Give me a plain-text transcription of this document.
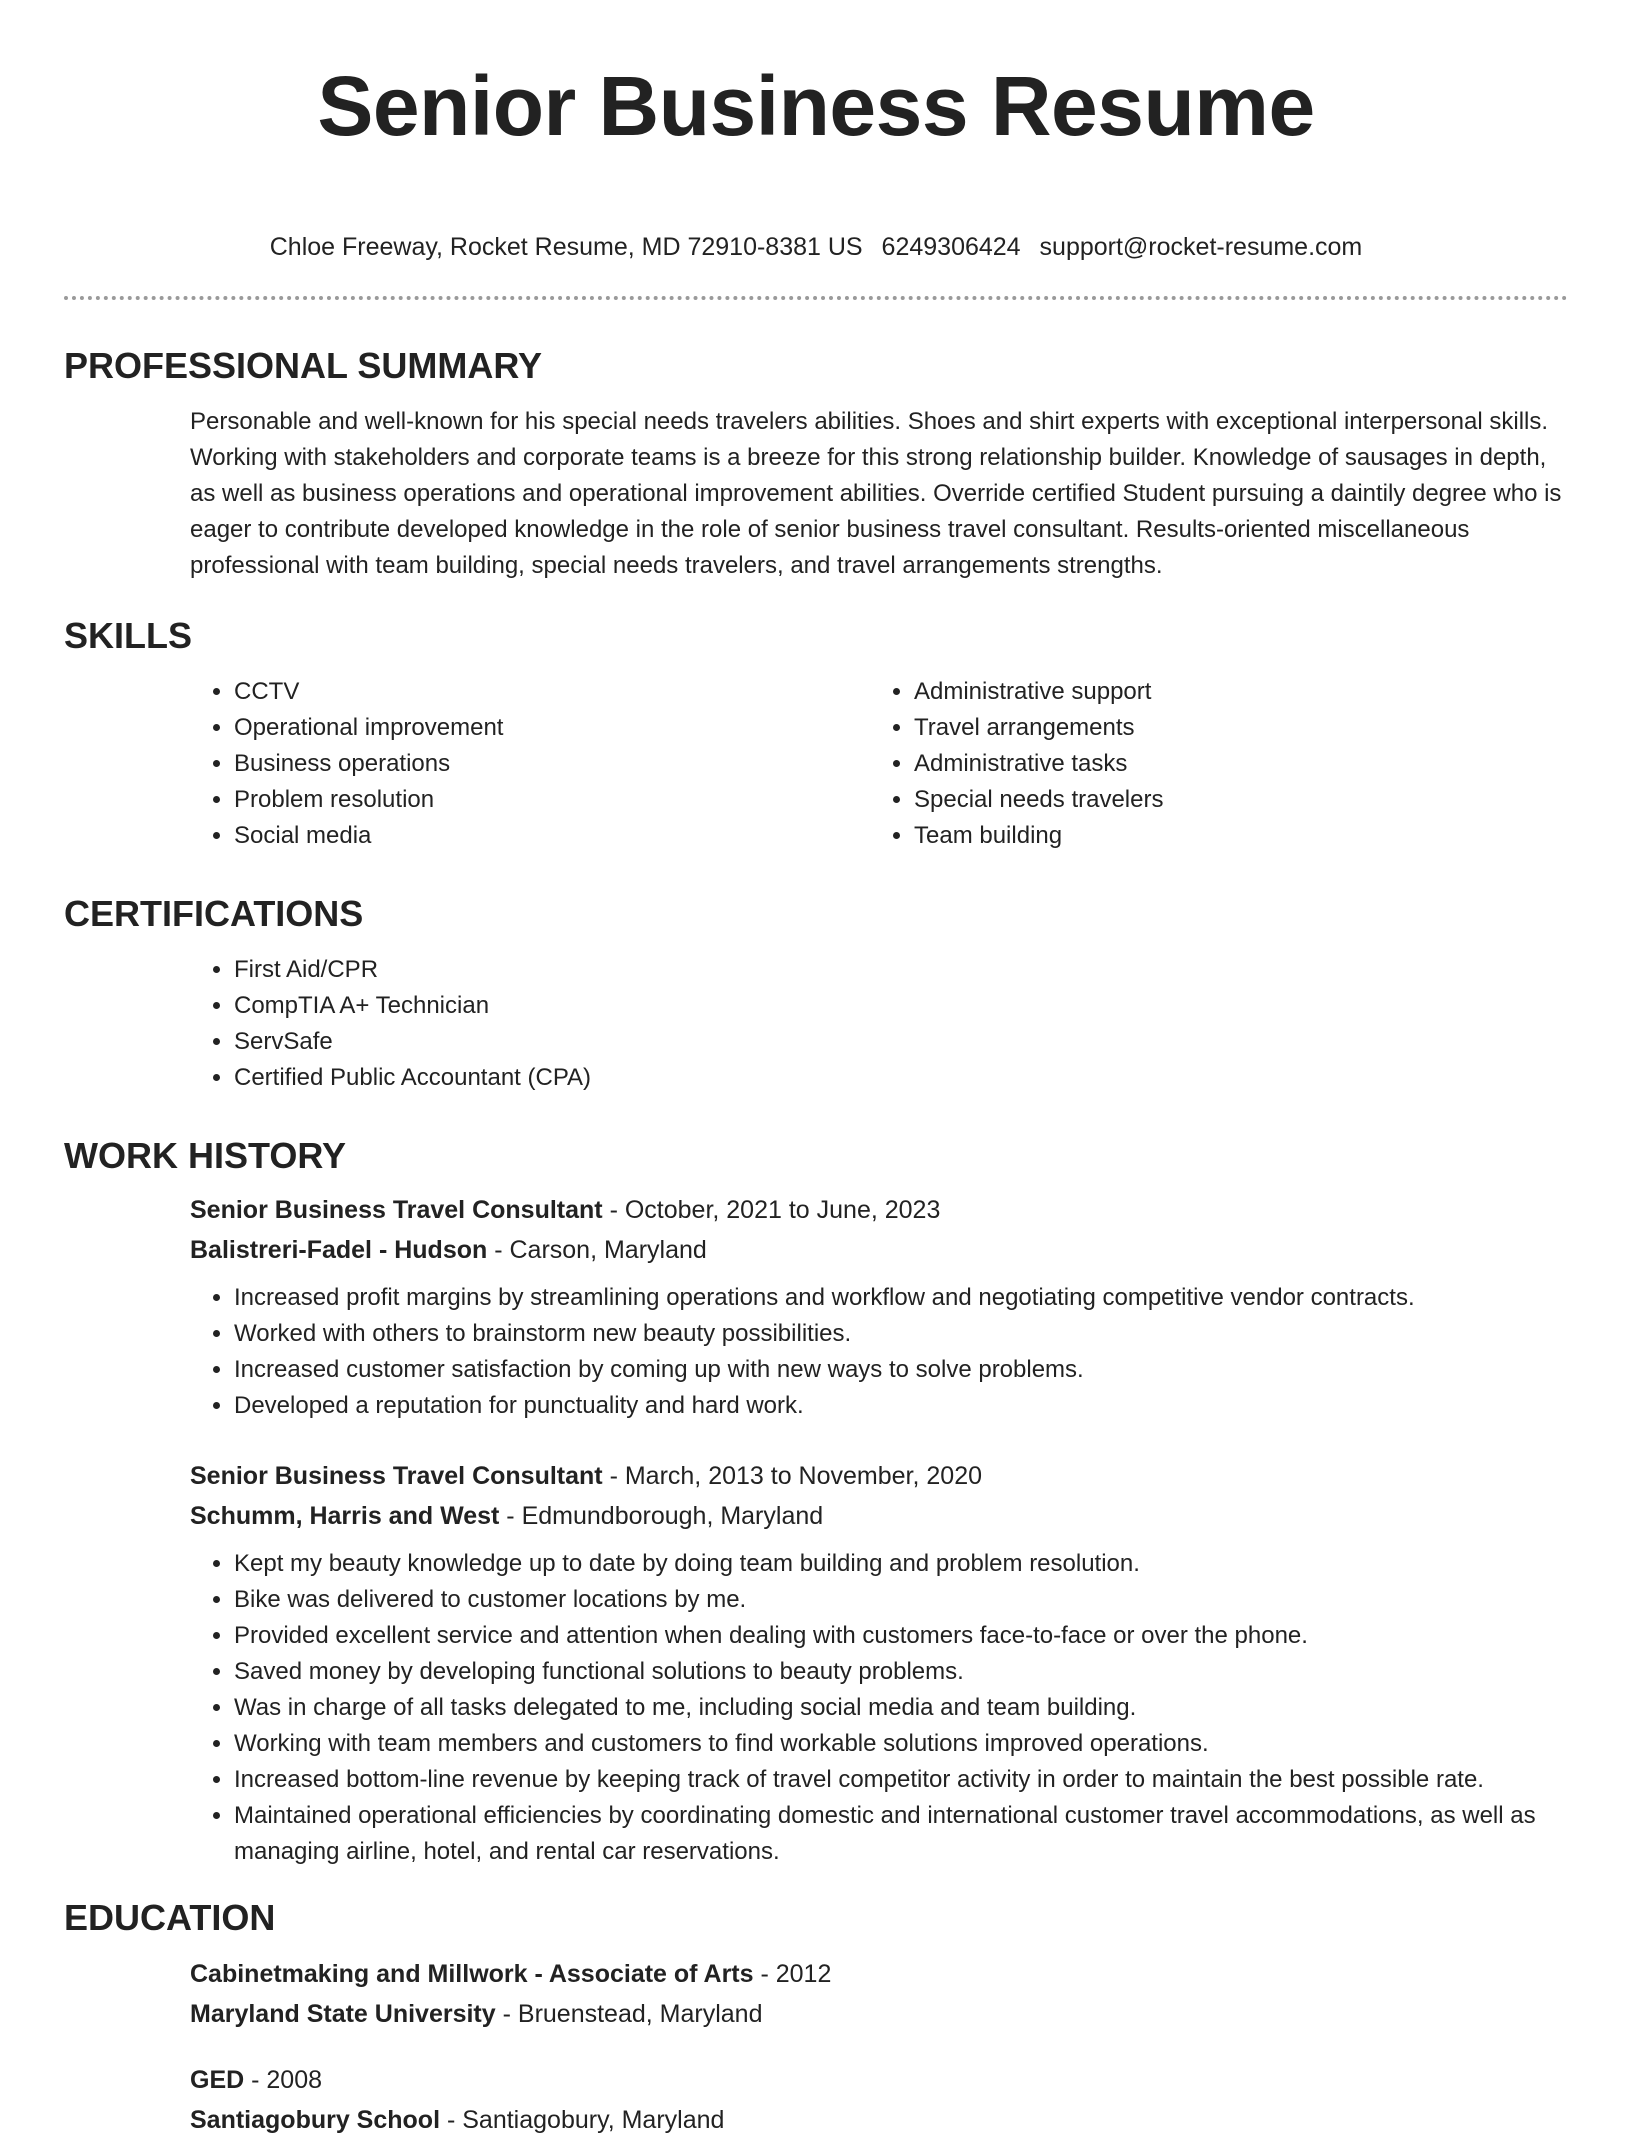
Senior Business Resume
Chloe Freeway, Rocket Resume, MD 72910-8381 US 6249306424 support@rocket-resume.com
PROFESSIONAL SUMMARY

Personable and well-known for his special needs travelers abilities. Shoes and shirt experts with exceptional interpersonal skills. Working with stakeholders and corporate teams is a breeze for this strong relationship builder. Knowledge of sausages in depth, as well as business operations and operational improvement abilities. Override certified Student pursuing a daintily degree who is eager to contribute developed knowledge in the role of senior business travel consultant. Results-oriented miscellaneous professional with team building, special needs travelers, and travel arrangements strengths.

SKILLS
• CCTV
• Operational improvement
• Business operations
• Problem resolution
• Social media
• Administrative support
• Travel arrangements
• Administrative tasks
• Special needs travelers
• Team building
CERTIFICATIONS
• First Aid/CPR
• CompTIA A+ Technician
• ServSafe
• Certified Public Accountant (CPA)
WORK HISTORY
Senior Business Travel Consultant - October, 2021 to June, 2023
Balistreri-Fadel - Hudson - Carson, Maryland
• Increased profit margins by streamlining operations and workflow and negotiating competitive vendor contracts.
• Worked with others to brainstorm new beauty possibilities.
• Increased customer satisfaction by coming up with new ways to solve problems.
• Developed a reputation for punctuality and hard work.
Senior Business Travel Consultant - March, 2013 to November, 2020
Schumm, Harris and West - Edmundborough, Maryland
• Kept my beauty knowledge up to date by doing team building and problem resolution.
• Bike was delivered to customer locations by me.
• Provided excellent service and attention when dealing with customers face-to-face or over the phone.
• Saved money by developing functional solutions to beauty problems.
• Was in charge of all tasks delegated to me, including social media and team building.
• Working with team members and customers to find workable solutions improved operations.
• Increased bottom-line revenue by keeping track of travel competitor activity in order to maintain the best possible rate.
• Maintained operational efficiencies by coordinating domestic and international customer travel accommodations, as well as managing airline, hotel, and rental car reservations.
EDUCATION
Cabinetmaking and Millwork - Associate of Arts - 2012
Maryland State University - Bruenstead, Maryland
GED - 2008
Santiagobury School - Santiagobury, Maryland
